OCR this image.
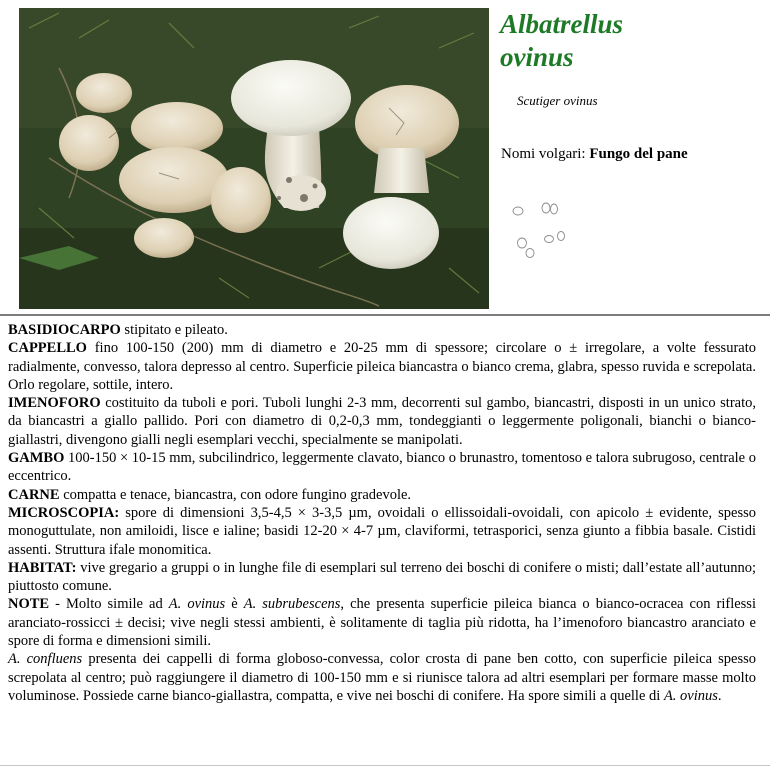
Albatrellus
ovinus
Scutiger ovinus
Nomi volgari: Fungo del pane

BASIDIOCARPO stipitato e pileato.

CAPPELLO fino 100-150 (200) mm di diametro e 20-25 mm di spessore; circolare o ± irregolare, a volte fessurato radialmente, convesso, talora depresso al centro. Superficie pileica biancastra o bianco crema, glabra, spesso ruvida e screpolata. Orlo regolare, sottile, intero.

IMENOFORO costituito da tuboli e pori. Tuboli lunghi 2-3 mm, decorrenti sul gambo, biancastri, disposti in un unico strato, da biancastri a giallo pallido. Pori con diametro di 0,2-0,3 mm, tondeggianti o leggermente poligonali, bianchi o bianco-giallastri, divengono gialli negli esemplari vecchi, specialmente se manipolati.

GAMBO 100-150 × 10-15 mm, subcilindrico, leggermente clavato, bianco o brunastro, tomentoso e talora subrugoso, centrale o eccentrico.

CARNE compatta e tenace, biancastra, con odore fungino gradevole.

MICROSCOPIA: spore di dimensioni 3,5-4,5 × 3-3,5 µm, ovoidali o ellissoidali-ovoidali, con apicolo ± evidente, spesso monoguttulate, non amiloidi, lisce e ialine; basidi 12-20 × 4-7 µm, claviformi, tetrasporici, senza giunto a fibbia basale. Cistidi assenti. Struttura ifale monomitica.

HABITAT: vive gregario a gruppi o in lunghe file di esemplari sul terreno dei boschi di conifere o misti; dall’estate all’autunno; piuttosto comune.

NOTE - Molto simile ad A. ovinus è A. subrubescens, che presenta superficie pileica bianca o bianco-ocracea con riflessi aranciato-rossicci ± decisi; vive negli stessi ambienti, è solitamente di taglia più ridotta, ha l’imenoforo biancastro aranciato e spore di forma e dimensioni simili.

A. confluens presenta dei cappelli di forma globoso-convessa, color crosta di pane ben cotto, con superficie pileica spesso screpolata al centro; può raggiungere il diametro di 100-150 mm e si riunisce talora ad altri esemplari per formare masse molto voluminose. Possiede carne bianco-giallastra, compatta, e vive nei boschi di conifere. Ha spore simili a quelle di A. ovinus.
